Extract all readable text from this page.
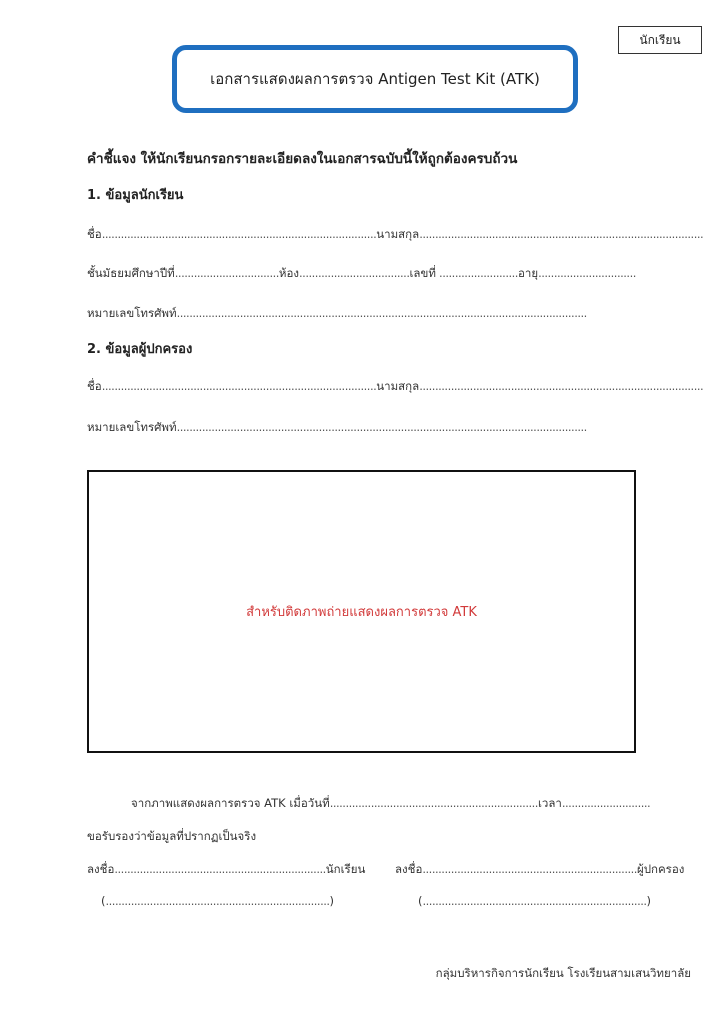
นักเรียน
เอกสารแสดงผลการตรวจ Antigen Test Kit (ATK)
คำชี้แจง ให้นักเรียนกรอกรายละเอียดลงในเอกสารฉบับนี้ให้ถูกต้องครบถ้วน
1. ข้อมูลนักเรียน
ชื่อ.......................................................................................นามสกุล..........................................................................................
ชั้นมัธยมศึกษาปีที่.................................ห้อง...................................เลขที่ .........................อายุ...............................
หมายเลขโทรศัพท์..................................................................................................................................
2. ข้อมูลผู้ปกครอง
ชื่อ.......................................................................................นามสกุล..........................................................................................
หมายเลขโทรศัพท์..................................................................................................................................
สำหรับติดภาพถ่ายแสดงผลการตรวจ ATK
จากภาพแสดงผลการตรวจ ATK เมื่อวันที่..................................................................เวลา............................
ขอรับรองว่าข้อมูลที่ปรากฏเป็นจริง
ลงชื่อ...................................................................นักเรียน	ลงชื่อ....................................................................ผู้ปกครอง
(.......................................................................)	(.......................................................................)
กลุ่มบริหารกิจการนักเรียน โรงเรียนสามเสนวิทยาลัย
